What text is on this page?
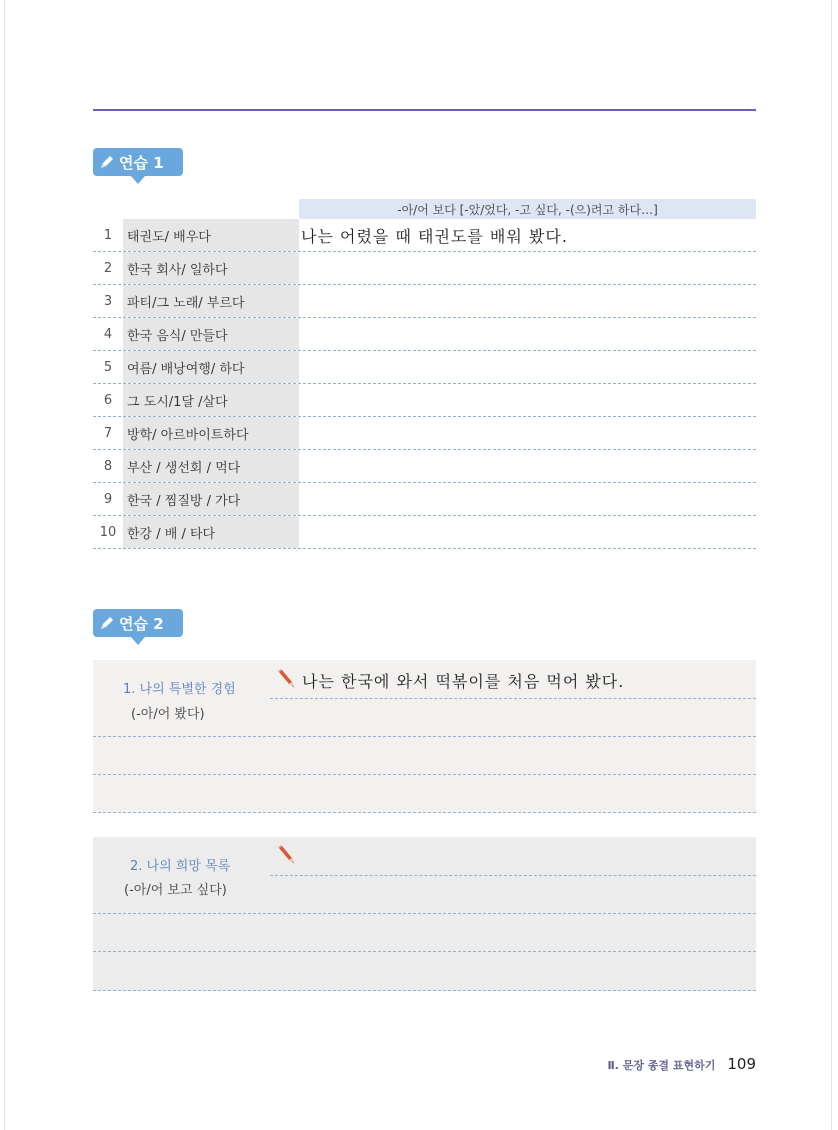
연습 1
-아/어 보다 [-았/었다, -고 싶다, -(으)려고 하다…]
1	태권도/ 배우다	나는 어렸을 때 태권도를 배워 봤다.
2	한국 회사/ 일하다
3	파티/그 노래/ 부르다
4	한국 음식/ 만들다
5	여름/ 배낭여행/ 하다
6	그 도시/1달 /살다
7	방학/ 아르바이트하다
8	부산 / 생선회 / 먹다
9	한국 / 찜질방 / 가다
10 한강 / 배 / 타다
연습 2
1. 나의 특별한 경험
(-아/어 봤다)
나는 한국에 와서 떡볶이를 처음 먹어 봤다.
2. 나의 희망 목록
(-아/어 보고 싶다)
Ⅱ. 문장 종결 표현하기 109
